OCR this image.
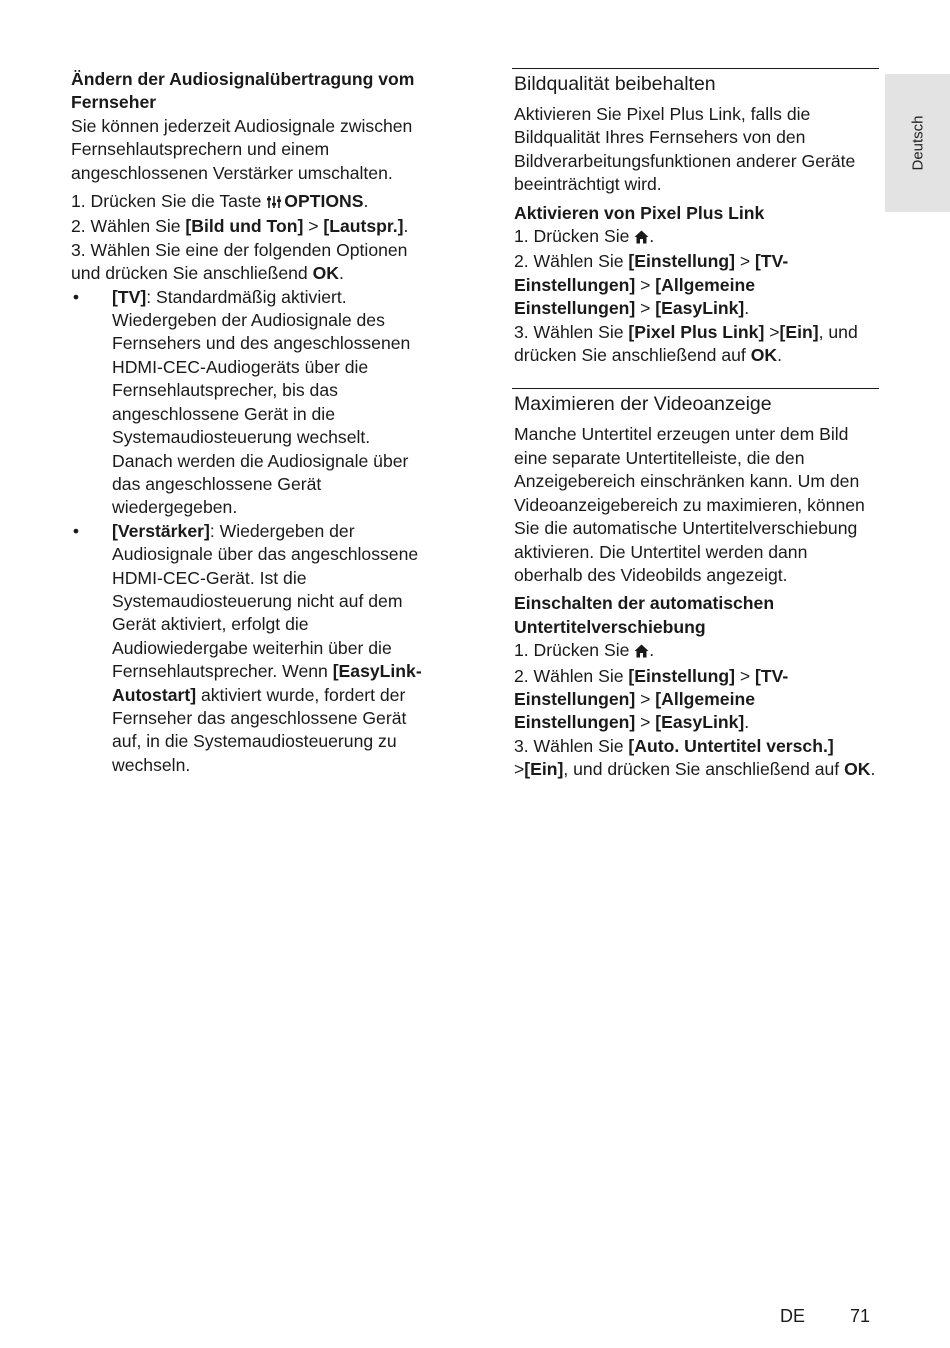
Deutsch

Ändern der Audiosignalübertragung vom Fernseher

Sie können jederzeit Audiosignale zwischen Fernsehlautsprechern und einem angeschlossenen Verstärker umschalten.

1. Drücken Sie die Taste OPTIONS.

2. Wählen Sie [Bild und Ton] > [Lautspr.].

3. Wählen Sie eine der folgenden Optionen und drücken Sie anschließend OK.

• [TV]: Standardmäßig aktiviert. Wiedergeben der Audiosignale des Fernsehers und des angeschlossenen HDMI-CEC-Audiogeräts über die Fernsehlautsprecher, bis das angeschlossene Gerät in die Systemaudiosteuerung wechselt. Danach werden die Audiosignale über das angeschlossene Gerät wiedergegeben.
• [Verstärker]: Wiedergeben der Audiosignale über das angeschlossene HDMI-CEC-Gerät. Ist die Systemaudiosteuerung nicht auf dem Gerät aktiviert, erfolgt die Audiowiedergabe weiterhin über die Fernsehlautsprecher. Wenn [EasyLink-Autostart] aktiviert wurde, fordert der Fernseher das angeschlossene Gerät auf, in die Systemaudiosteuerung zu wechseln.

Bildqualität beibehalten

Aktivieren Sie Pixel Plus Link, falls die Bildqualität Ihres Fernsehers von den Bildverarbeitungsfunktionen anderer Geräte beeinträchtigt wird.

Aktivieren von Pixel Plus Link

1. Drücken Sie .

2. Wählen Sie [Einstellung] > [TV-Einstellungen] > [Allgemeine Einstellungen] > [EasyLink].

3. Wählen Sie [Pixel Plus Link] >[Ein], und drücken Sie anschließend auf OK.

Maximieren der Videoanzeige

Manche Untertitel erzeugen unter dem Bild eine separate Untertitelleiste, die den Anzeigebereich einschränken kann. Um den Videoanzeigebereich zu maximieren, können Sie die automatische Untertitelverschiebung aktivieren. Die Untertitel werden dann oberhalb des Videobilds angezeigt.

Einschalten der automatischen Untertitelverschiebung

1. Drücken Sie .

2. Wählen Sie [Einstellung] > [TV-Einstellungen] > [Allgemeine Einstellungen] > [EasyLink].

3. Wählen Sie [Auto. Untertitel versch.]
>[Ein], und drücken Sie anschließend auf OK.

DE 71
